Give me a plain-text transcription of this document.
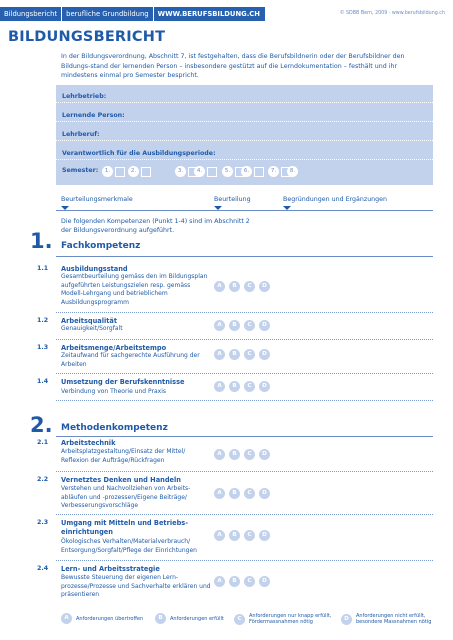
Bildungsbericht	berufliche Grundbildung	WWW.BERUFSBILDUNG.CH	© SDBB Bern, 2009 · www.berufsbildung.ch
BILDUNGSBERICHT
In der Bildungsverordnung, Abschnitt 7, ist festgehalten, dass die Berufsbildnerin oder der Berufsbildner den Bildungs-stand der lernenden Person – insbesondere gestützt auf die Lerndokumentation – festhält und ihr mindestens einmal pro Semester bespricht.
Lehrbetrieb:
Lernende Person:
Lehrberuf:
Verantwortlich für die Ausbildungsperiode:
Semester:	1.	2.	3.	4.	5.	6.	7.	8.
Beurteilungsmerkmale	Beurteilung	Begründungen und Ergänzungen
Die folgenden Kompetenzen (Punkt 1-4) sind im Abschnitt 2 der Bildungsverordnung aufgeführt.
1. Fachkompetenz
1.1 Ausbildungsstand
Gesamtbeurteilung gemäss den im Bildungsplan aufgeführten Leistungszielen resp. gemäss Modell-Lehrgang und betrieblichem Ausbildungsprogramm
A	B	C	D
1.2 Arbeitsqualität
Genauigkeit/Sorgfalt	A	B	C	D
1.3 Arbeitsmenge/Arbeitstempo
Zeitaufwand für sachgerechte Ausführung der Arbeiten
A	B	C	D
1.4 Umsetzung der Berufskenntnisse
Verbindung von Theorie und Praxis
A	B	C	D
2. Methodenkompetenz
2.1 Arbeitstechnik
Arbeitsplatzgestaltung/Einsatz der Mittel/ Reflexion der Aufträge/Rückfragen
A	B	C	D
2.2 Vernetztes Denken und Handeln
Verstehen und Nachvollziehen von Arbeits-abläufen und -prozessen/Eigene Beiträge/ Verbesserungsvorschläge
A	B	C	D
2.3 Umgang mit Mitteln und Betriebs-einrichtungen
Ökologisches Verhalten/Materialverbrauch/ Entsorgung/Sorgfalt/Pflege der Einrichtungen
A	B	C	D
2.4 Lern- und Arbeitsstrategie
Bewusste Steuerung der eigenen Lern-prozesse/Prozesse und Sachverhalte erklären und präsentieren
A	B	C	D
A	Anforderungen übertroffen	B	Anforderungen erfüllt	C	Anforderungen nur knapp erfüllt,
Fördermassnahmen nötig
D	Anforderungen nicht erfüllt,
besondere Massnahmen nötig
